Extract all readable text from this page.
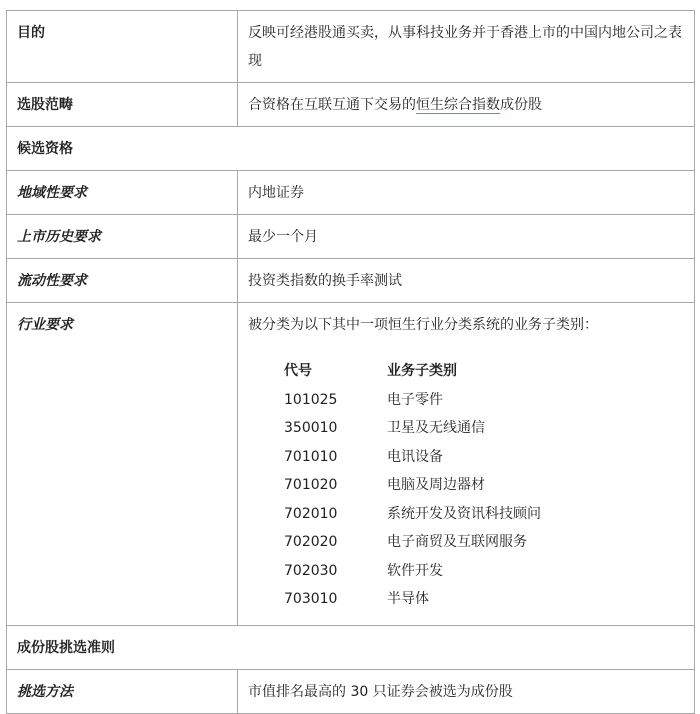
目的	反映可经港股通买卖，从事科技业务并于香港上市的中国内地公司之表现
选股范畴	合资格在互联互通下交易的恒生综合指数成份股
候选资格
地域性要求	内地证券
上市历史要求	最少一个月
流动性要求	投资类指数的换手率测试
行业要求	被分类为以下其中一项恒生行业分类系统的业务子类别：
代号	业务子类别
101025	电子零件
350010	卫星及无线通信
701010	电讯设备
701020	电脑及周边器材
702010	系统开发及资讯科技顾问
702020	电子商贸及互联网服务
702030	软件开发
703010	半导体

成份股挑选准则
挑选方法	市值排名最高的 30 只证券会被选为成份股
